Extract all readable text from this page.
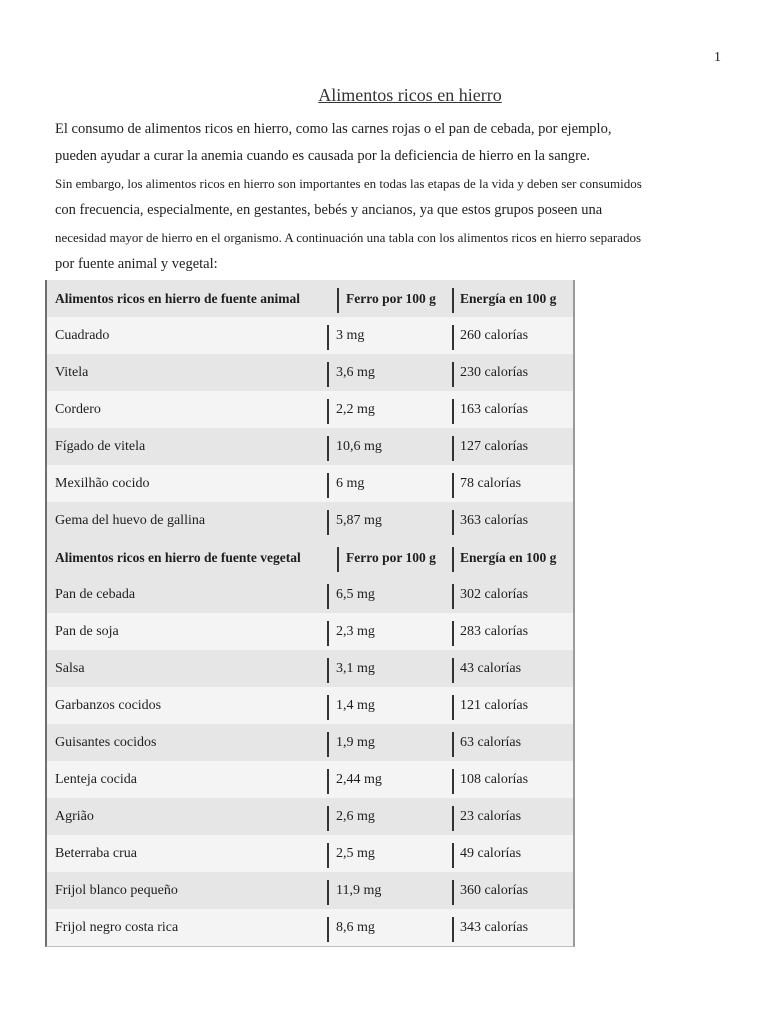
1
Alimentos ricos en hierro

El consumo de alimentos ricos en hierro, como las carnes rojas o el pan de cebada, por ejemplo,

pueden ayudar a curar la anemia cuando es causada por la deficiencia de hierro en la sangre.

Sin embargo, los alimentos ricos en hierro son importantes en todas las etapas de la vida y deben ser consumidos

con frecuencia, especialmente, en gestantes, bebés y ancianos, ya que estos grupos poseen una

necesidad mayor de hierro en el organismo. A continuación una tabla con los alimentos ricos en hierro separados

por fuente animal y vegetal:

Alimentos ricos en hierro de fuente animal	Ferro por 100 g	Energía en 100 g
Cuadrado	3 mg	260 calorías
Vitela	3,6 mg	230 calorías
Cordero	2,2 mg	163 calorías
Fígado de vitela	10,6 mg	127 calorías
Mexilhão cocido	6 mg	78 calorías
Gema del huevo de gallina	5,87 mg	363 calorías
Alimentos ricos en hierro de fuente vegetal	Ferro por 100 g	Energía en 100 g
Pan de cebada	6,5 mg	302 calorías
Pan de soja	2,3 mg	283 calorías
Salsa	3,1 mg	43 calorías
Garbanzos cocidos	1,4 mg	121 calorías
Guisantes cocidos	1,9 mg	63 calorías
Lenteja cocida	2,44 mg	108 calorías
Agrião	2,6 mg	23 calorías
Beterraba crua	2,5 mg	49 calorías
Frijol blanco pequeño	11,9 mg	360 calorías
Frijol negro costa rica	8,6 mg	343 calorías
